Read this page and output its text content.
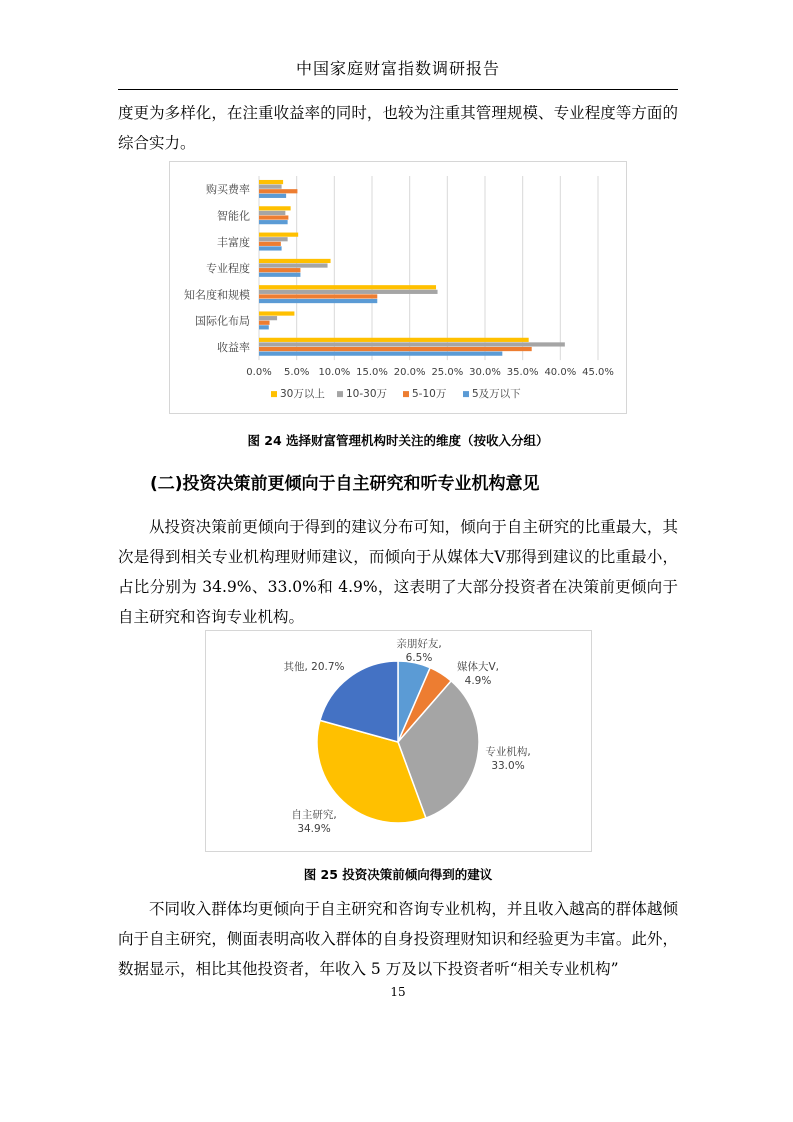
中国家庭财富指数调研报告
度更为多样化，在注重收益率的同时，也较为注重其管理规模、专业程度等方面的综合实力。
0.0% 5.0% 10.0% 15.0% 20.0% 25.0% 30.0% 35.0% 40.0% 45.0%
购买费率
智能化
丰富度
专业程度
知名度和规模
国际化布局
收益率
30万以上 10-30万 5-10万 5及万以下
图 24 选择财富管理机构时关注的维度（按收入分组）
(二)投资决策前更倾向于自主研究和听专业机构意见
从投资决策前更倾向于得到的建议分布可知，倾向于自主研究的比重最大，其次是得到相关专业机构理财师建议，而倾向于从媒体大V那得到建议的比重最小，占比分别为 34.9%、33.0%和 4.9%，这表明了大部分投资者在决策前更倾向于自主研究和咨询专业机构。
亲朋好友,
6.5%
媒体大V,
4.9%
专业机构,
33.0%
自主研究,
34.9%
其他, 20.7%
图 25 投资决策前倾向得到的建议
不同收入群体均更倾向于自主研究和咨询专业机构，并且收入越高的群体越倾向于自主研究，侧面表明高收入群体的自身投资理财知识和经验更为丰富。此外，数据显示，相比其他投资者，年收入 5 万及以下投资者听“相关专业机构”
15
